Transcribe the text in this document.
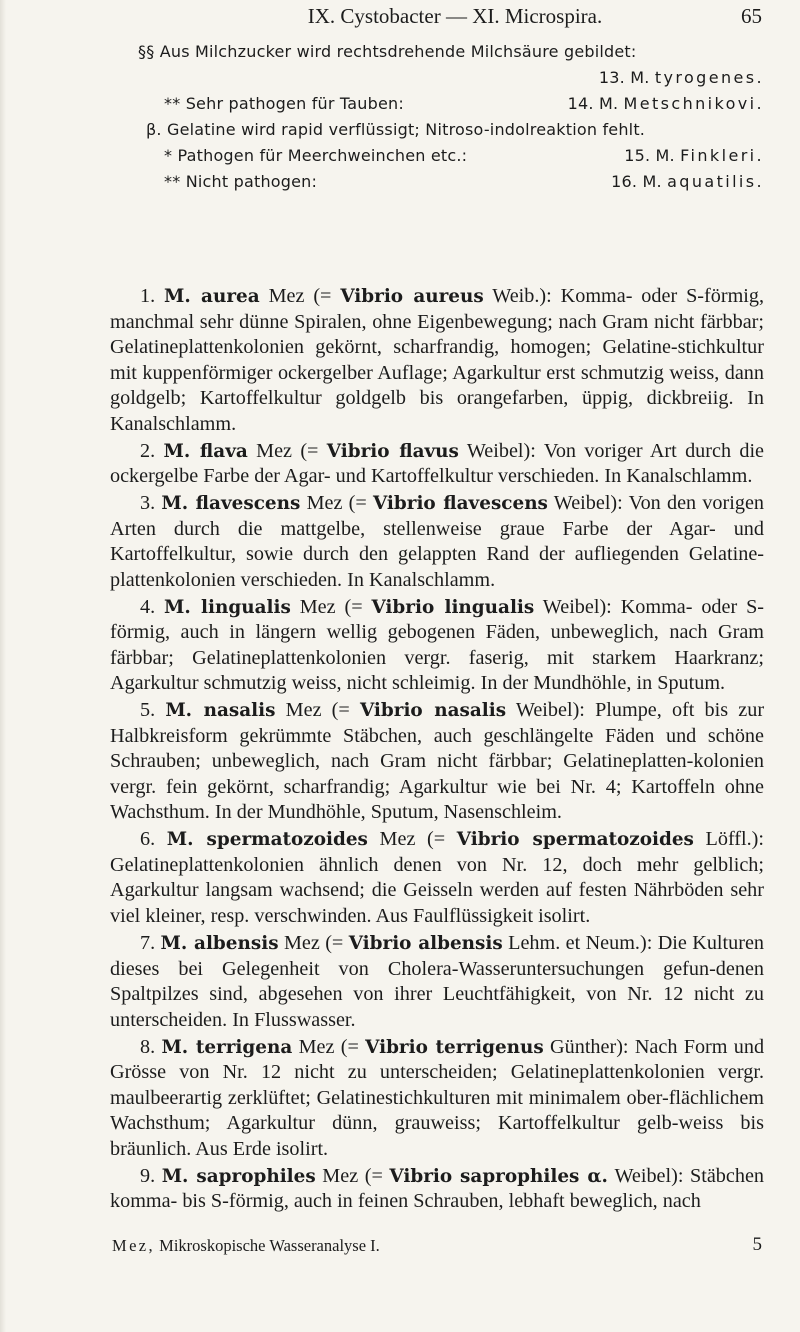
IX. Cystobacter — XI. Microspira.	65
§§ Aus Milchzucker wird rechtsdrehende Milchsäure gebildet:
13. M. tyrogenes.
** Sehr pathogen für Tauben:	14. M. Metschnikovi.
β. Gelatine wird rapid verflüssigt; Nitroso-indolreaktion fehlt.
* Pathogen für Meerchweinchen etc.:	15. M. Finkleri.
** Nicht pathogen:	16. M. aquatilis.

1. M. aurea Mez (= Vibrio aureus Weib.): Komma- oder S-förmig, manchmal sehr dünne Spiralen, ohne Eigenbewegung; nach Gram nicht färbbar; Gelatineplattenkolonien gekörnt, scharfrandig, homogen; Gelatine-stichkultur mit kuppenförmiger ockergelber Auflage; Agarkultur erst schmutzig weiss, dann goldgelb; Kartoffelkultur goldgelb bis orangefarben, üppig, dickbreiig. In Kanalschlamm.

2. M. flava Mez (= Vibrio flavus Weibel): Von voriger Art durch die ockergelbe Farbe der Agar- und Kartoffelkultur verschieden. In Kanalschlamm.

3. M. flavescens Mez (= Vibrio flavescens Weibel): Von den vorigen Arten durch die mattgelbe, stellenweise graue Farbe der Agar- und Kartoffelkultur, sowie durch den gelappten Rand der aufliegenden Gelatine-plattenkolonien verschieden. In Kanalschlamm.

4. M. lingualis Mez (= Vibrio lingualis Weibel): Komma- oder S-förmig, auch in längern wellig gebogenen Fäden, unbeweglich, nach Gram färbbar; Gelatineplattenkolonien vergr. faserig, mit starkem Haarkranz; Agarkultur schmutzig weiss, nicht schleimig. In der Mundhöhle, in Sputum.

5. M. nasalis Mez (= Vibrio nasalis Weibel): Plumpe, oft bis zur Halbkreisform gekrümmte Stäbchen, auch geschlängelte Fäden und schöne Schrauben; unbeweglich, nach Gram nicht färbbar; Gelatineplatten-kolonien vergr. fein gekörnt, scharfrandig; Agarkultur wie bei Nr. 4; Kartoffeln ohne Wachsthum. In der Mundhöhle, Sputum, Nasenschleim.

6. M. spermatozoides Mez (= Vibrio spermatozoides Löffl.): Gelatineplattenkolonien ähnlich denen von Nr. 12, doch mehr gelblich; Agarkultur langsam wachsend; die Geisseln werden auf festen Nährböden sehr viel kleiner, resp. verschwinden. Aus Faulflüssigkeit isolirt.

7. M. albensis Mez (= Vibrio albensis Lehm. et Neum.): Die Kulturen dieses bei Gelegenheit von Cholera-Wasseruntersuchungen gefun-denen Spaltpilzes sind, abgesehen von ihrer Leuchtfähigkeit, von Nr. 12 nicht zu unterscheiden. In Flusswasser.

8. M. terrigena Mez (= Vibrio terrigenus Günther): Nach Form und Grösse von Nr. 12 nicht zu unterscheiden; Gelatineplattenkolonien vergr. maulbeerartig zerklüftet; Gelatinestichkulturen mit minimalem ober-flächlichem Wachsthum; Agarkultur dünn, grauweiss; Kartoffelkultur gelb-weiss bis bräunlich. Aus Erde isolirt.

9. M. saprophiles Mez (= Vibrio saprophiles α. Weibel): Stäbchen komma- bis S-förmig, auch in feinen Schrauben, lebhaft beweglich, nach

Mez, Mikroskopische Wasseranalyse I.	5
